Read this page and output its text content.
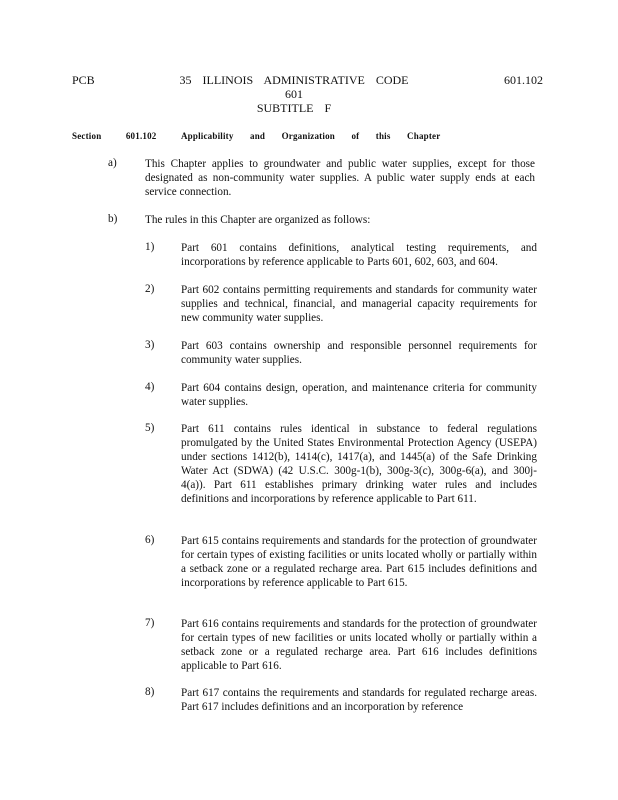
PCB	35 ILLINOIS ADMINISTRATIVE CODE 601
SUBTITLE F
601.102
Section	601.102	Applicability and Organization of this Chapter
a)	This Chapter applies to groundwater and public water supplies, except for those designated as non-community water supplies. A public water supply ends at each service connection.
b) The rules in this Chapter are organized as follows:
1) Part 601 contains definitions, analytical testing requirements, and incorporations by reference applicable to Parts 601, 602, 603, and 604.
2) Part 602 contains permitting requirements and standards for community water supplies and technical, financial, and managerial capacity requirements for new community water supplies.
3) Part 603 contains ownership and responsible personnel requirements for community water supplies.
4) Part 604 contains design, operation, and maintenance criteria for community water supplies.
5) Part 611 contains rules identical in substance to federal regulations promulgated by the United States Environmental Protection Agency (USEPA) under sections 1412(b), 1414(c), 1417(a), and 1445(a) of the Safe Drinking Water Act (SDWA) (42 U.S.C. 300g-1(b), 300g-3(c), 300g-6(a), and 300j-4(a)). Part 611 establishes primary drinking water rules and includes definitions and incorporations by reference applicable to Part 611.
6) Part 615 contains requirements and standards for the protection of groundwater for certain types of existing facilities or units located wholly or partially within a setback zone or a regulated recharge area. Part 615 includes definitions and incorporations by reference applicable to Part 615.
7) Part 616 contains requirements and standards for the protection of groundwater for certain types of new facilities or units located wholly or partially within a setback zone or a regulated recharge area. Part 616 includes definitions applicable to Part 616.
8) Part 617 contains the requirements and standards for regulated recharge areas. Part 617 includes definitions and an incorporation by reference
